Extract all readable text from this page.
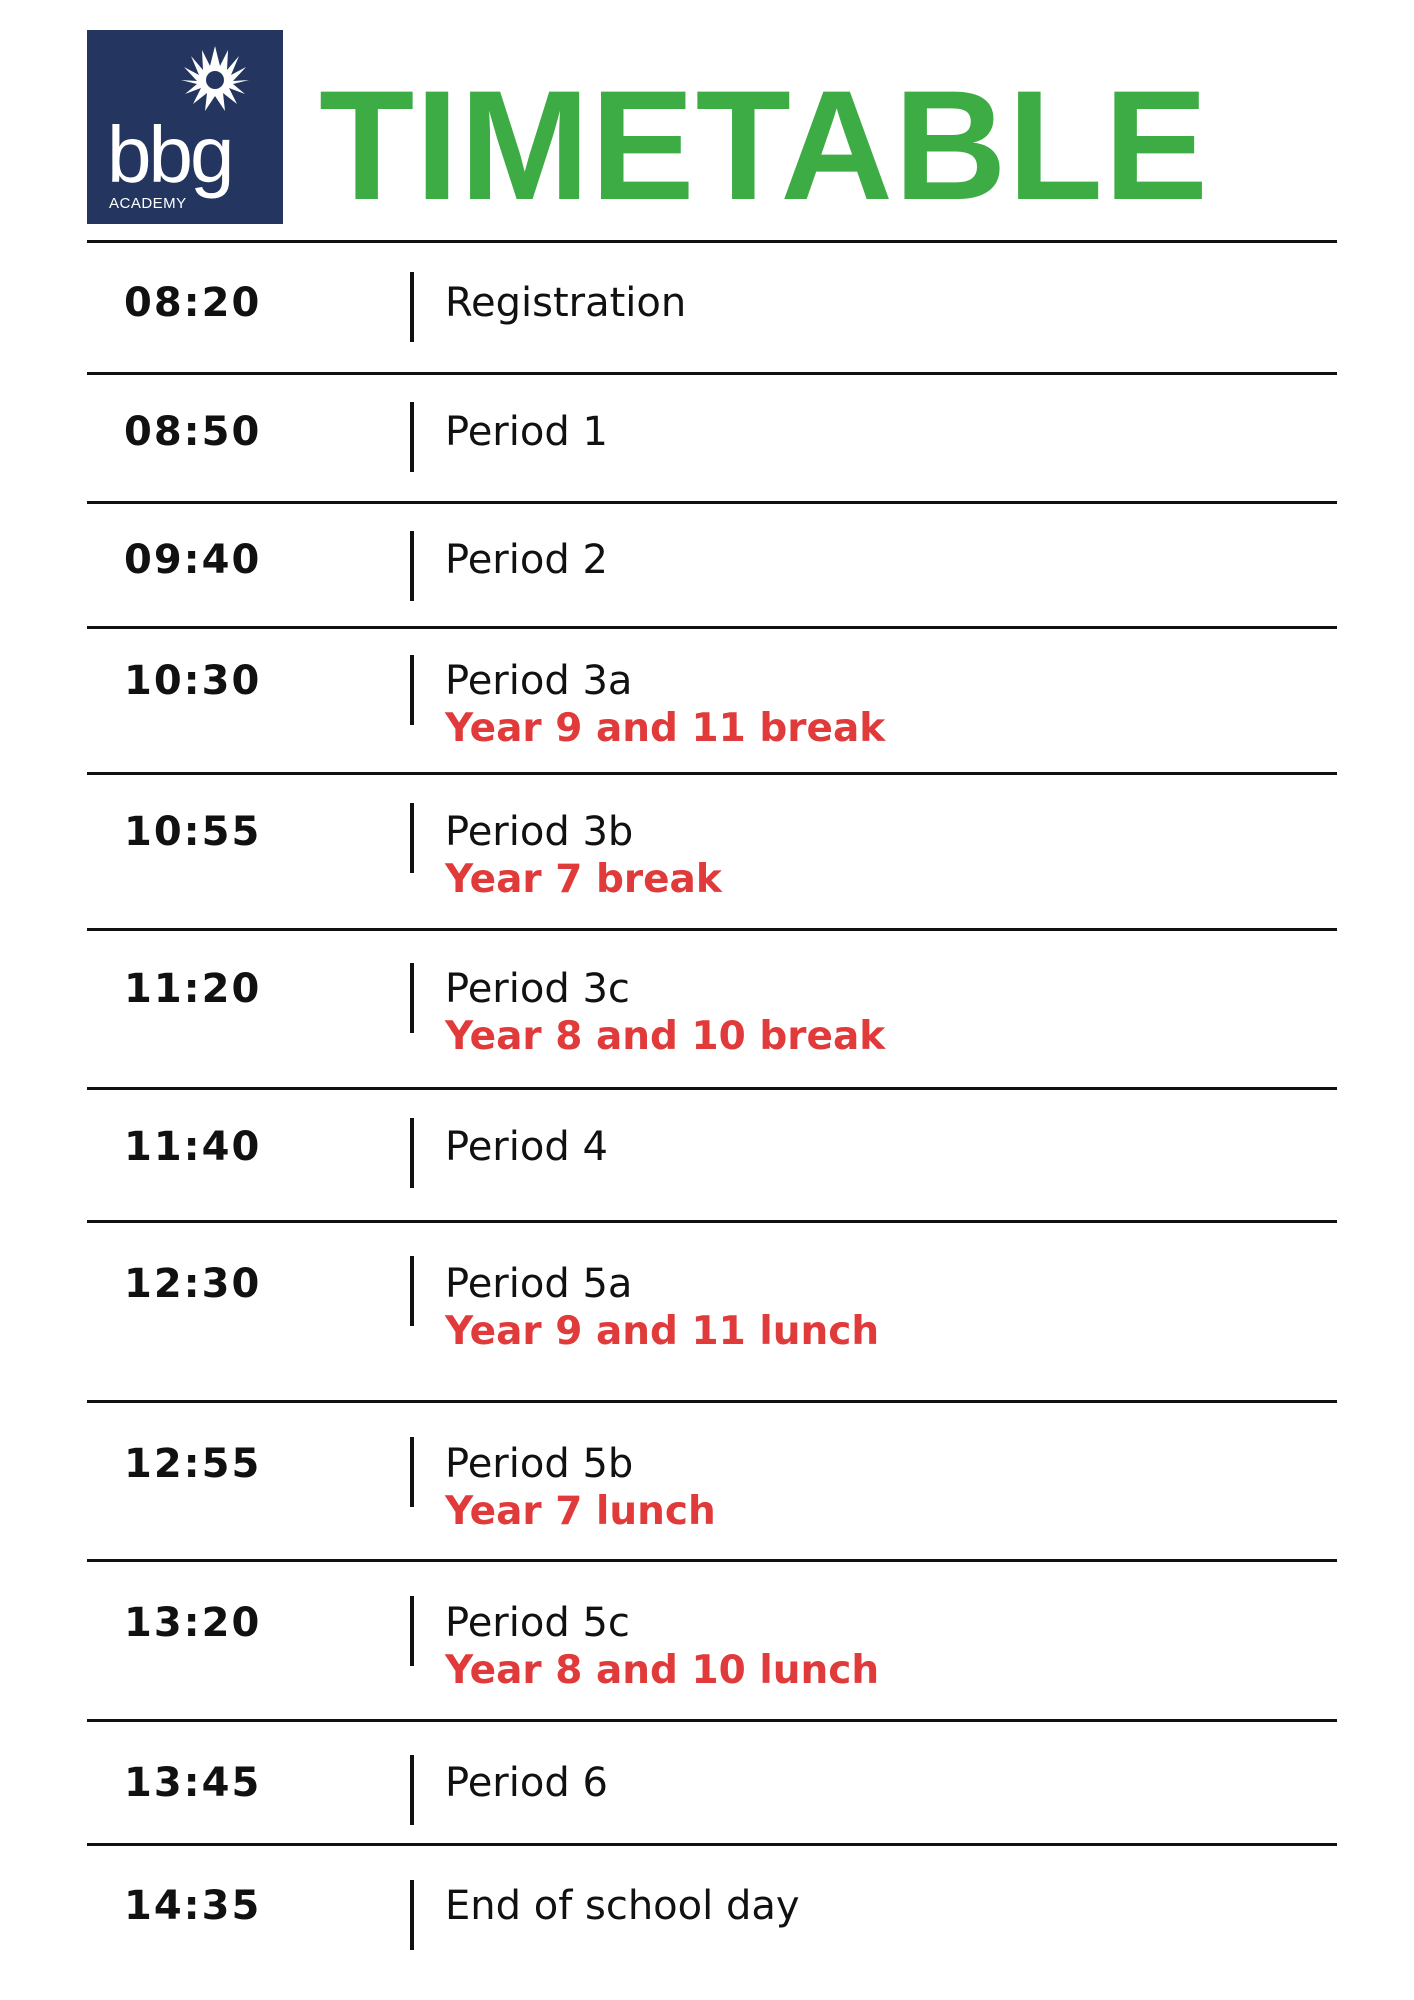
bbg
ACADEMY TIMETABLE
08:20	Registration
08:50	Period 1
09:40	Period 2
10:30	Period 3a
Year 9 and 11 break
10:55	Period 3b
Year 7 break
11:20	Period 3c
Year 8 and 10 break
11:40	Period 4
12:30	Period 5a
Year 9 and 11 lunch
12:55	Period 5b
Year 7 lunch
13:20	Period 5c
Year 8 and 10 lunch
13:45	Period 6
14:35	End of school day
